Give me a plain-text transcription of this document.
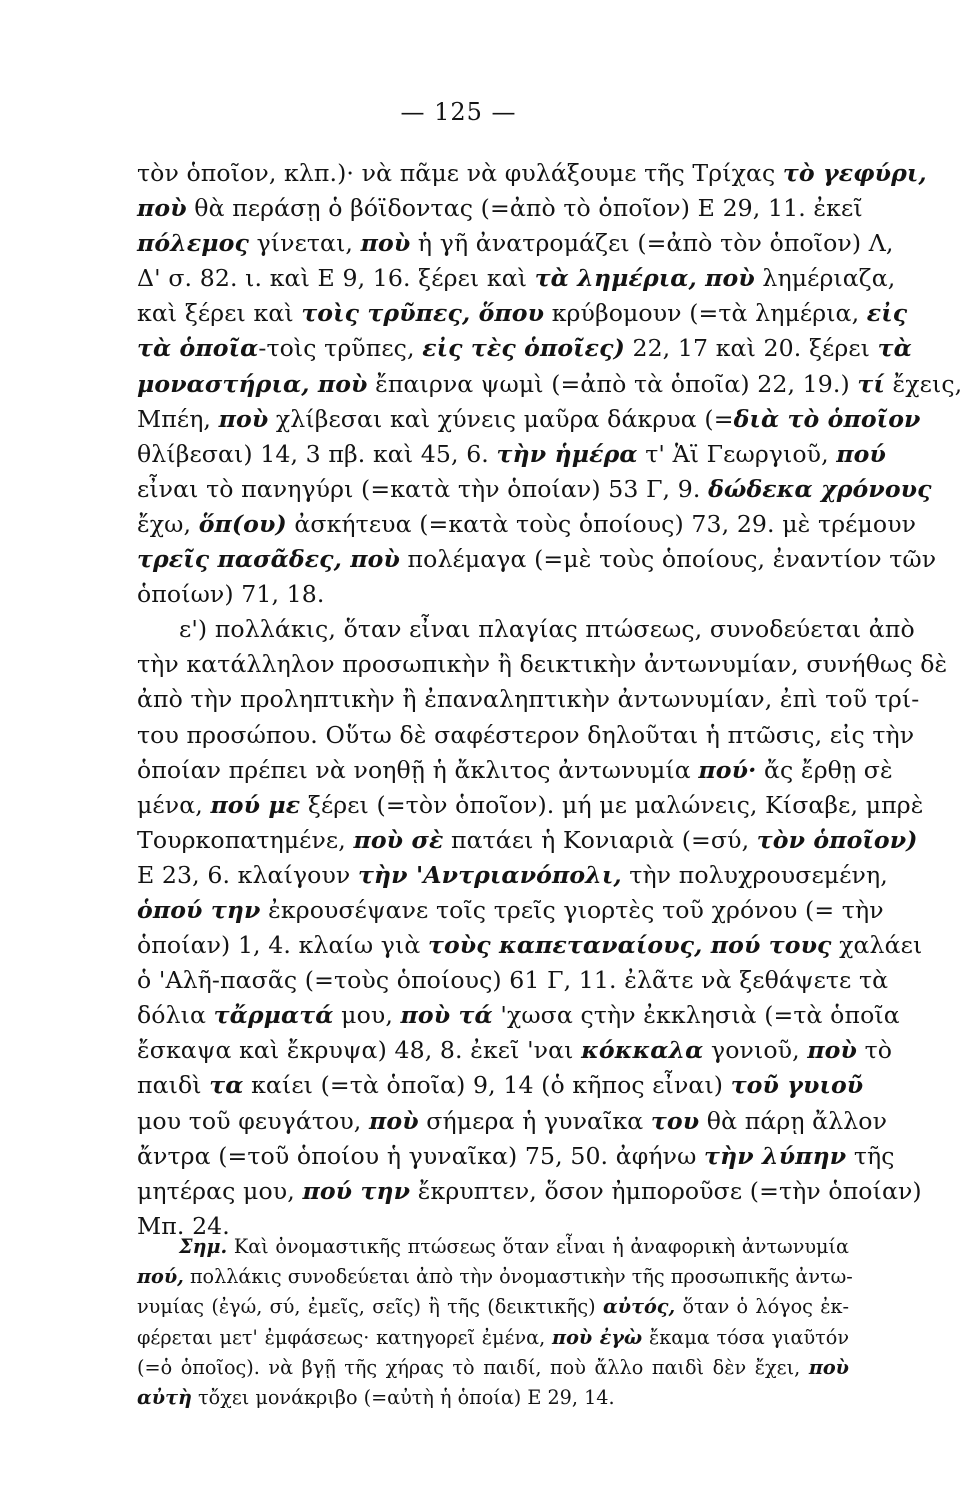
— 125 —
τὸν ὁποῖον, κλπ.)· νὰ πᾶμε νὰ φυλάξουμε τῆς Τρίχας τὸ γεφύρι,
ποὺ θὰ περάσῃ ὁ βόϊδοντας (=ἀπὸ τὸ ὁποῖον) Ε 29, 11. ἐκεῖ
πόλεμος γίνεται, ποὺ ἡ γῆ ἀνατρομάζει (=ἀπὸ τὸν ὁποῖον) Λ,
Δ' σ. 82. ι. καὶ Ε 9, 16. ξέρει καὶ τὰ λημέρια, ποὺ λημέριαζα,
καὶ ξέρει καὶ τοὶς τρῦπες, ὅπου κρύβομουν (=τὰ λημέρια, εἰς
τὰ ὁποῖα-τοὶς τρῦπες, εἰς τὲς ὁποῖες) 22, 17 καὶ 20. ξέρει τὰ
μοναστήρια, ποὺ ἔπαιρνα ψωμὶ (=ἀπὸ τὰ ὁποῖα) 22, 19.) τί ἔχεις,
Μπέη, ποὺ χλίβεσαι καὶ χύνεις μαῦρα δάκρυα (=διὰ τὸ ὁποῖον
θλίβεσαι) 14, 3 πβ. καὶ 45, 6. τὴν ἡμέρα τ' Ἁϊ Γεωργιοῦ, πού
εἶναι τὸ πανηγύρι (=κατὰ τὴν ὁποίαν) 53 Γ, 9. δώδεκα χρόνους
ἔχω, ὅπ(ου) ἀσκήτευα (=κατὰ τοὺς ὁποίους) 73, 29. μὲ τρέμουν
τρεῖς πασᾶδες, ποὺ πολέμαγα (=μὲ τοὺς ὁποίους, ἐναντίον τῶν
ὁποίων) 71, 18.
ε') πολλάκις, ὅταν εἶναι πλαγίας πτώσεως, συνοδεύεται ἀπὸ
τὴν κατάλληλον προσωπικὴν ἢ δεικτικὴν ἀντωνυμίαν, συνήθως δὲ
ἀπὸ τὴν προληπτικὴν ἢ ἐπαναληπτικὴν ἀντωνυμίαν, ἐπὶ τοῦ τρί-
του προσώπου. Οὕτω δὲ σαφέστερον δηλοῦται ἡ πτῶσις, εἰς τὴν
ὁποίαν πρέπει νὰ νοηθῇ ἡ ἄκλιτος ἀντωνυμία πού· ἄς ἔρθῃ σὲ
μένα, πού με ξέρει (=τὸν ὁποῖον). μή με μαλώνεις, Κίσαβε, μπρὲ
Τουρκοπατημένε, ποὺ σὲ πατάει ἡ Κονιαριὰ (=σύ, τὸν ὁποῖον)
Ε 23, 6. κλαίγουν τὴν 'Αντριανόπολι, τὴν πολυχρουσεμένη,
ὁπού την ἐκρουσέψανε τοῖς τρεῖς γιορτὲς τοῦ χρόνου (= τὴν
ὁποίαν) 1, 4. κλαίω γιὰ τοὺς καπεταναίους, πού τους χαλάει
ὁ 'Αλῆ-πασᾶς (=τοὺς ὁποίους) 61 Γ, 11. ἐλᾶτε νὰ ξεθάψετε τὰ
δόλια τἄρματά μου, ποὺ τά 'χωσα ςτὴν ἐκκλησιὰ (=τὰ ὁποῖα
ἔσκαψα καὶ ἔκρυψα) 48, 8. ἐκεῖ 'ναι κόκκαλα γονιοῦ, ποὺ τὸ
παιδὶ τα καίει (=τὰ ὁποῖα) 9, 14 (ὁ κῆπος εἶναι) τοῦ γυιοῦ
μου τοῦ φευγάτου, ποὺ σήμερα ἡ γυναῖκα του θὰ πάρῃ ἄλλον
ἄντρα (=τοῦ ὁποίου ἡ γυναῖκα) 75, 50. ἀφήνω τὴν λύπην τῆς
μητέρας μου, πού την ἔκρυπτεν, ὅσον ἠμποροῦσε (=τὴν ὁποίαν)
Μπ. 24.
Σημ. Καὶ ὀνομαστικῆς πτώσεως ὅταν εἶναι ἡ ἀναφορικὴ ἀντωνυμία
πού, πολλάκις συνοδεύεται ἀπὸ τὴν ὀνομαστικὴν τῆς προσωπικῆς ἀντω-
νυμίας (ἐγώ, σύ, ἐμεῖς, σεῖς) ἢ τῆς (δεικτικῆς) αὐτός, ὅταν ὁ λόγος ἐκ-
φέρεται μετ' ἐμφάσεως· κατηγορεῖ ἐμένα, ποὺ ἐγὼ ἔκαμα τόσα γιαῦτόν
(=ὁ ὁποῖος). νὰ βγῇ τῆς χήρας τὸ παιδί, ποὺ ἄλλο παιδὶ δὲν ἔχει, ποὺ
αὐτὴ τὄχει μονάκριβο (=αὐτὴ ἡ ὁποία) Ε 29, 14.
